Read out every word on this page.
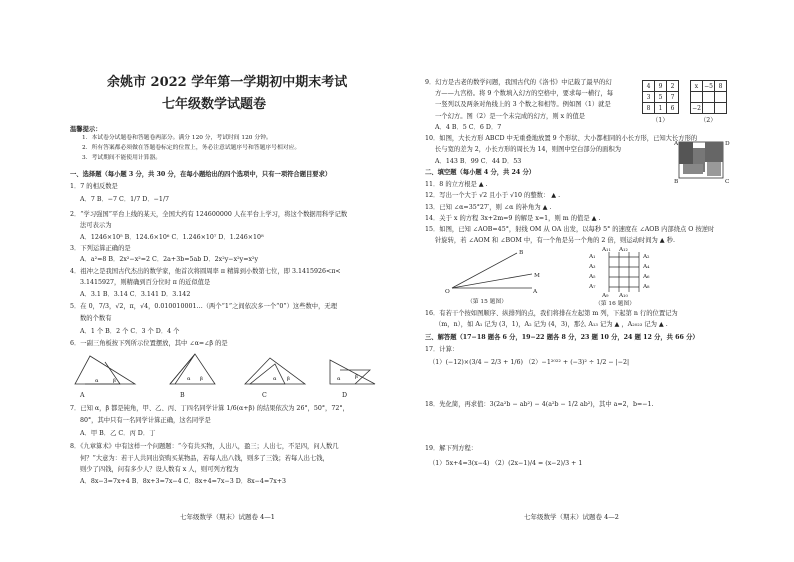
余姚市 2022 学年第一学期初中期末考试
七年级数学试题卷
温馨提示：
1．本试卷分试题卷和答题卷两部分。满分 120 分，考试时间 120 分钟。
2．所有答案都必须做在答题卷标定的位置上，务必注意试题序号和答题序号相对应。
3．考试期间不能使用计算器。
一、选择题（每小题 3 分，共 30 分，在每小题给出的四个选项中，只有一项符合题目要求）
1．7 的相反数是
A．7 B．−7 C．1/7 D．−1/7
2．“学习强国”平台上线的某天，全国大约有 124600000 人在平台上学习，将这个数据用科学记数
法可表示为
A．1246×10⁵ B．124.6×10⁶ C．1.246×10⁷ D．1.246×10⁸
3．下列运算正确的是
A．a²=8 B．2x²−x²=2 C．2a+3b=5ab D．2x²y−x²y=x²y
4．祖冲之是我国古代杰出的数学家，他首次将圆周率 π 精算到小数第七位，即 3.1415926<π<
3.1415927，则精确到百分位时 π 的近似值是
A．3.1 B．3.14 C．3.141 D．3.142
5．在 0，7/3，√2，π，√4，0.010010001…（两个“1”之间依次多一个“0”）这些数中，无理
数的个数有
A．1 个 B．2 个 C．3 个 D．4 个
6．一副三角板按下列所示位置摆放，其中 ∠α=∠β 的是
α	β	α β	α β	α	β
A	B	C	D
7．已知 α，β 都是钝角，甲、乙、丙、丁四名同学计算 1/6(α+β) 的结果依次为 26°，50°，72°，
80°，其中只有一名同学计算正确，这名同学是
A．甲 B．乙 C．丙 D．丁
8．《九章算术》中有这样一个问题题：“今有共买物，人出八，盈三；人出七，不足四，问人数几
何？”大意为：若干人共同出资购买某物品，若每人出八钱，则多了三钱；若每人出七钱，
则少了四钱，问有多少人？设人数有 x 人，则可列方程为
A．8x−3=7x+4 B．8x+3=7x−4 C．8x+4=7x−3 D．8x−4=7x+3
七年级数学（期末）试题卷 4—1
9．幻方是古老的数学问题，我国古代的《洛书》中记载了最早的幻
方——九宫格。将 9 个数填入幻方的空格中，要求每一横行，每
一竖列以及两条对角线上的 3 个数之和相等。例如图（1）就是
一个幻方。图（2）是一个未完成的幻方，则 x 的值是
A．4 B．5 C．6 D．7
4	9	2
3	5	7
8	1	6
x	−5	8

−2		
（1）	（2）
10．如图，大长方形 ABCD 中无重叠地放置 9 个形状、大小都相同的小长方形，已知大长方形的
长与宽的差为 2，小长方形的周长为 14，则图中空白部分的面积为
A．143 B．99 C．44 D．53
A	D
B	C
二、填空题（每小题 4 分，共 24 分）
11．8 的立方根是 ▲ .
12．写出一个大于 √2 且小于 √10 的整数： ▲ .
13．已知 ∠α=35°27′，则 ∠α 的补角为 ▲ .
14．关于 x 的方程 3x+2m=9 的解是 x=1，则 m 的值是 ▲ .
15．如图，已知 ∠AOB=45°，射线 OM 从 OA 出发，以每秒 5° 的速度在 ∠AOB 内部绕点 O 按逆时
针旋转，若 ∠AOM 和 ∠BOM 中，有一个角是另一个角的 2 倍，则运动时间为 ▲ 秒.
O	A
M
B
（第 15 题图）
A₁	A₂
A₃	A₄
A₅	A₆
A₇	A₈
A₉ A₁₀
A₁₁ A₁₂
（第 16 题图）
16．有若干个按如图顺序、纵排列的点，我们将排在左起第 m 列，下起第 n 行的位置记为
（m，n），如 A₁ 记为 (3，1)，A₂ 记为 (4，3)，那么 A₁₃ 记为 ▲ ，A₂₀₂₃ 记为 ▲ .
三、解答题（17−18 题各 6 分，19−22 题各 8 分，23 题 10 分，24 题 12 分，共 66 分）
17．计算：
（1）(−12)×(3/4 − 2/3 + 1/6) （2）−1²⁰²² + (−3)² ÷ 1/2 − |−2|
18．先化简，再求值：3(2a²b − ab²) − 4(a²b − 1/2 ab²)，其中 a=2，b=−1.
19．解下列方程：
（1）5x+4=3(x−4) （2）(2x−1)/4 = (x−2)/3 + 1
七年级数学（期末）试题卷 4—2
